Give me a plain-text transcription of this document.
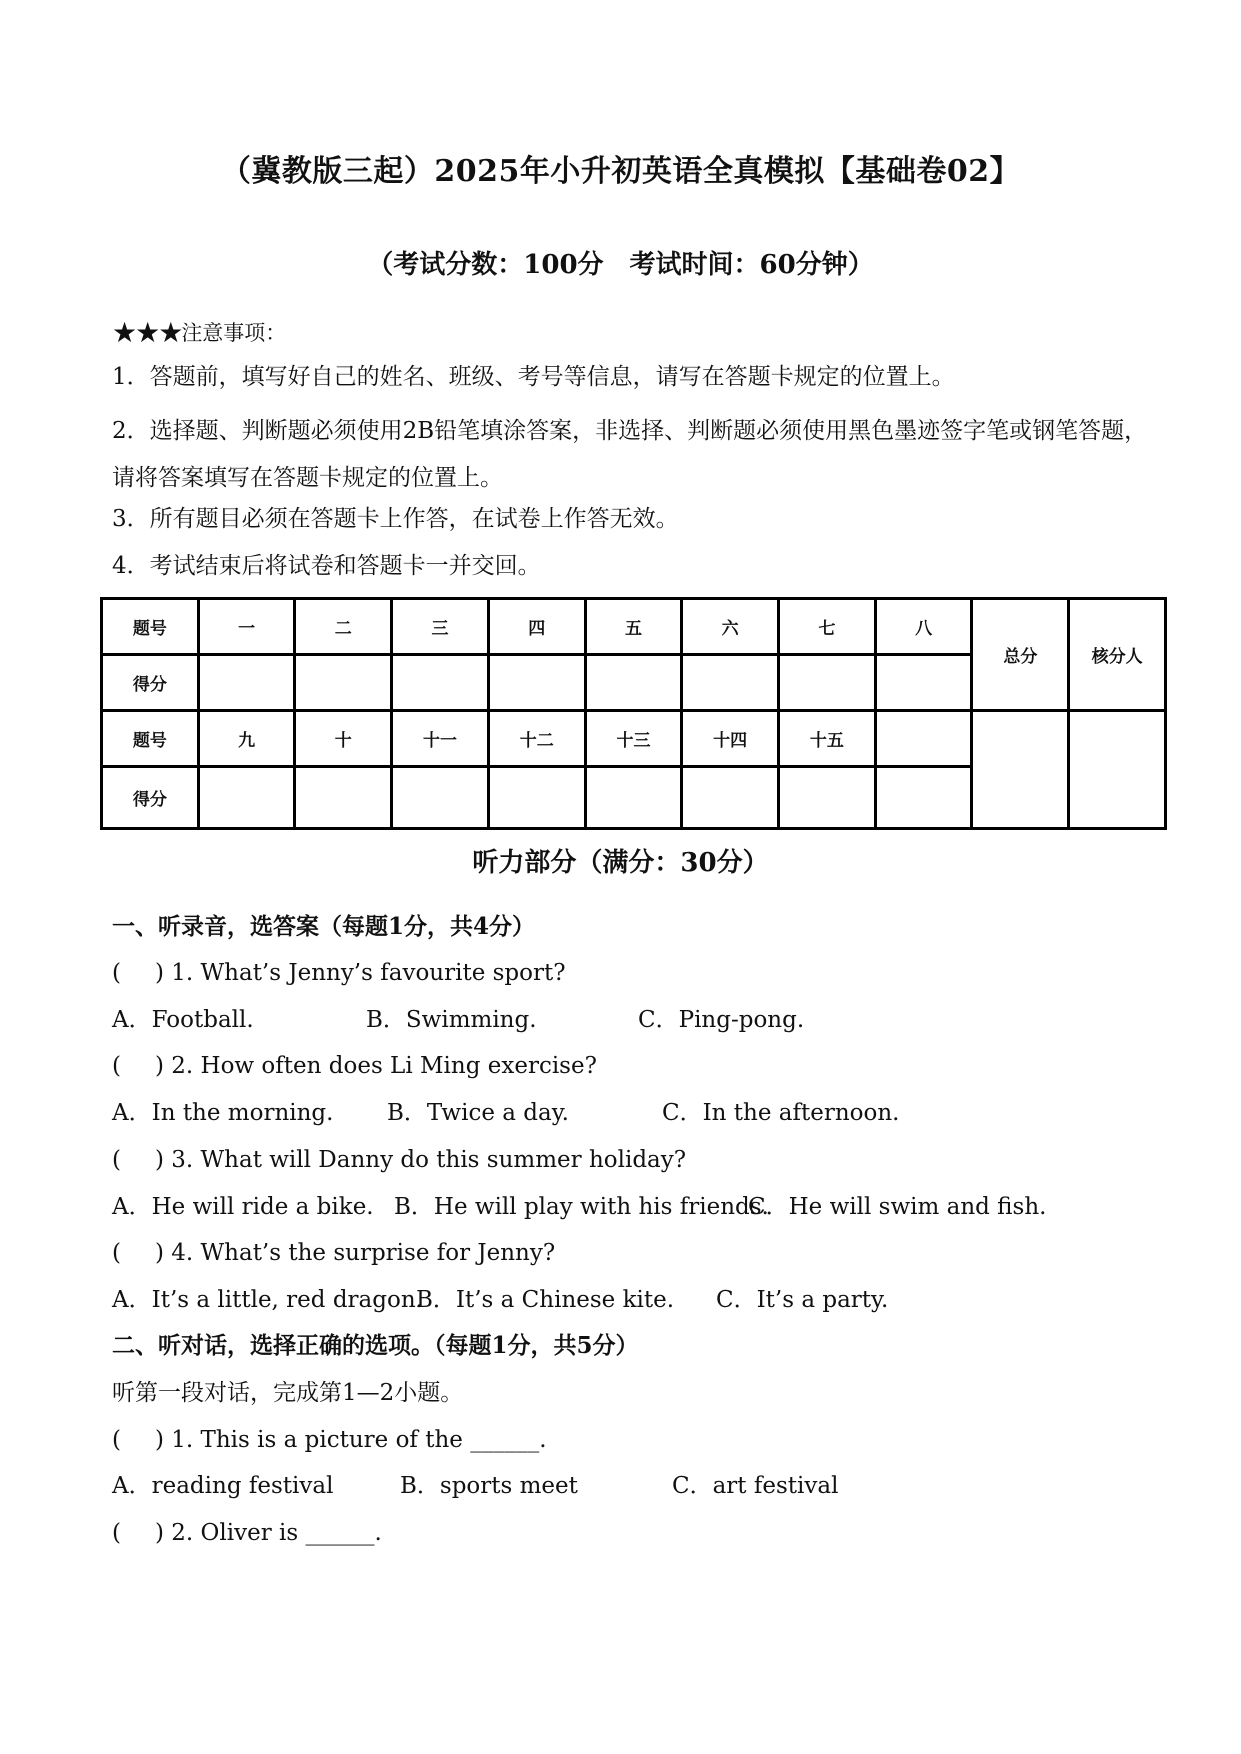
（冀教版三起）2025年小升初英语全真模拟【基础卷02】
（考试分数：100分　考试时间：60分钟）
★★★注意事项：
1．答题前，填写好自己的姓名、班级、考号等信息，请写在答题卡规定的位置上。
2．选择题、判断题必须使用2B铅笔填涂答案，非选择、判断题必须使用黑色墨迹签字笔或钢笔答题，请将答案填写在答题卡规定的位置上。
3．所有题目必须在答题卡上作答，在试卷上作答无效。
4．考试结束后将试卷和答题卡一并交回。
题号	一	二	三	四	五	六	七	八	总分	核分人
得分										
题号	九	十	十一	十二	十三	十四	十五			
得分										
听力部分（满分：30分）
一、听录音，选答案（每题1分，共4分）
( ) 1. What’s Jenny’s favourite sport?
A．Football.	B．Swimming.	C．Ping-pong.
( ) 2. How often does Li Ming exercise?
A．In the morning. B．Twice a day.	C．In the afternoon.
( ) 3. What will Danny do this summer holiday?
A．He will ride a bike. B．He will play with his friends.
C．He will swim and fish.
( ) 4. What’s the surprise for Jenny?
A．It’s a little, red dragon.
B．It’s a Chinese kite. C．It’s a party.
二、听对话，选择正确的选项。（每题1分，共5分）
听第一段对话，完成第1—2小题。
( ) 1. This is a picture of the ______.
A．reading festival	B．sports meet	C．art festival
( ) 2. Oliver is ______.
